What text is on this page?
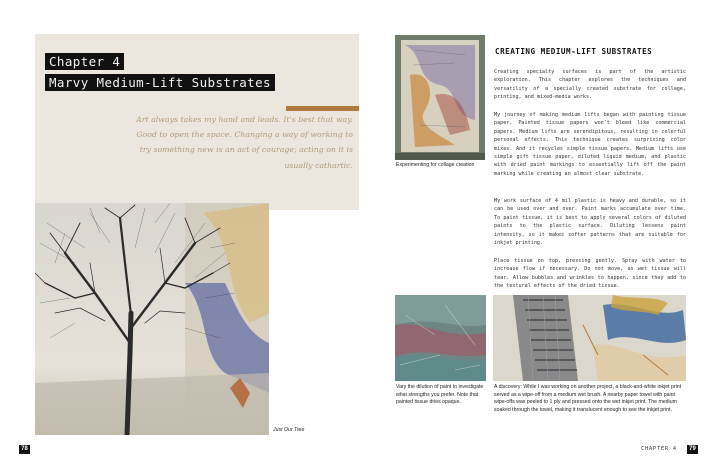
Chapter 4
Marvy Medium-Lift Substrates
Art always takes my hand and leads. It's best that way. Good to open the space. Changing a way of working to try something new is an act of courage; acting on it is usually cathartic.
Just Our Tree
78
Experimenting for collage creation
CREATING MEDIUM-LIFT SUBSTRATES
Creating specialty surfaces is part of the artistic exploration. This chapter explores the techniques and versatility of a specially created substrate for collage, printing, and mixed-media works.
My journey of making medium lifts began with painting tissue paper. Painted tissue papers won't bleed like commercial papers. Medium lifts are serendipitous, resulting in colorful personal effects. This technique creates surprising color mixes. And it recycles simple tissue papers. Medium lifts use simple gift tissue paper, diluted liquid medium, and plastic with dried paint markings to essentially lift off the paint marking while creating an almost clear substrate.
My work surface of 4 mil plastic is heavy and durable, so it can be used over and over. Paint marks accumulate over time. To paint tissue, it is best to apply several colors of diluted paints to the plastic surface. Diluting lessens paint intensity, so it makes softer patterns that are suitable for inkjet printing.
Place tissue on top, pressing gently. Spray with water to increase flow if necessary. Do not move, as wet tissue will tear. Allow bubbles and wrinkles to happen, since they add to the textural effects of the dried tissue.
Vary the dilution of paint to investigate what strengths you prefer. Note that painted tissue dries opaque.
A discovery: While I was working on another project, a black-and-white inkjet print served as a wipe-off from a medium wet brush. A nearby paper towel with paint wipe-offs was peeled to 1 ply and pressed onto the wet inkjet print. The medium soaked through the towel, making it translucent enough to see the inkjet print.
CHAPTER 4	79
